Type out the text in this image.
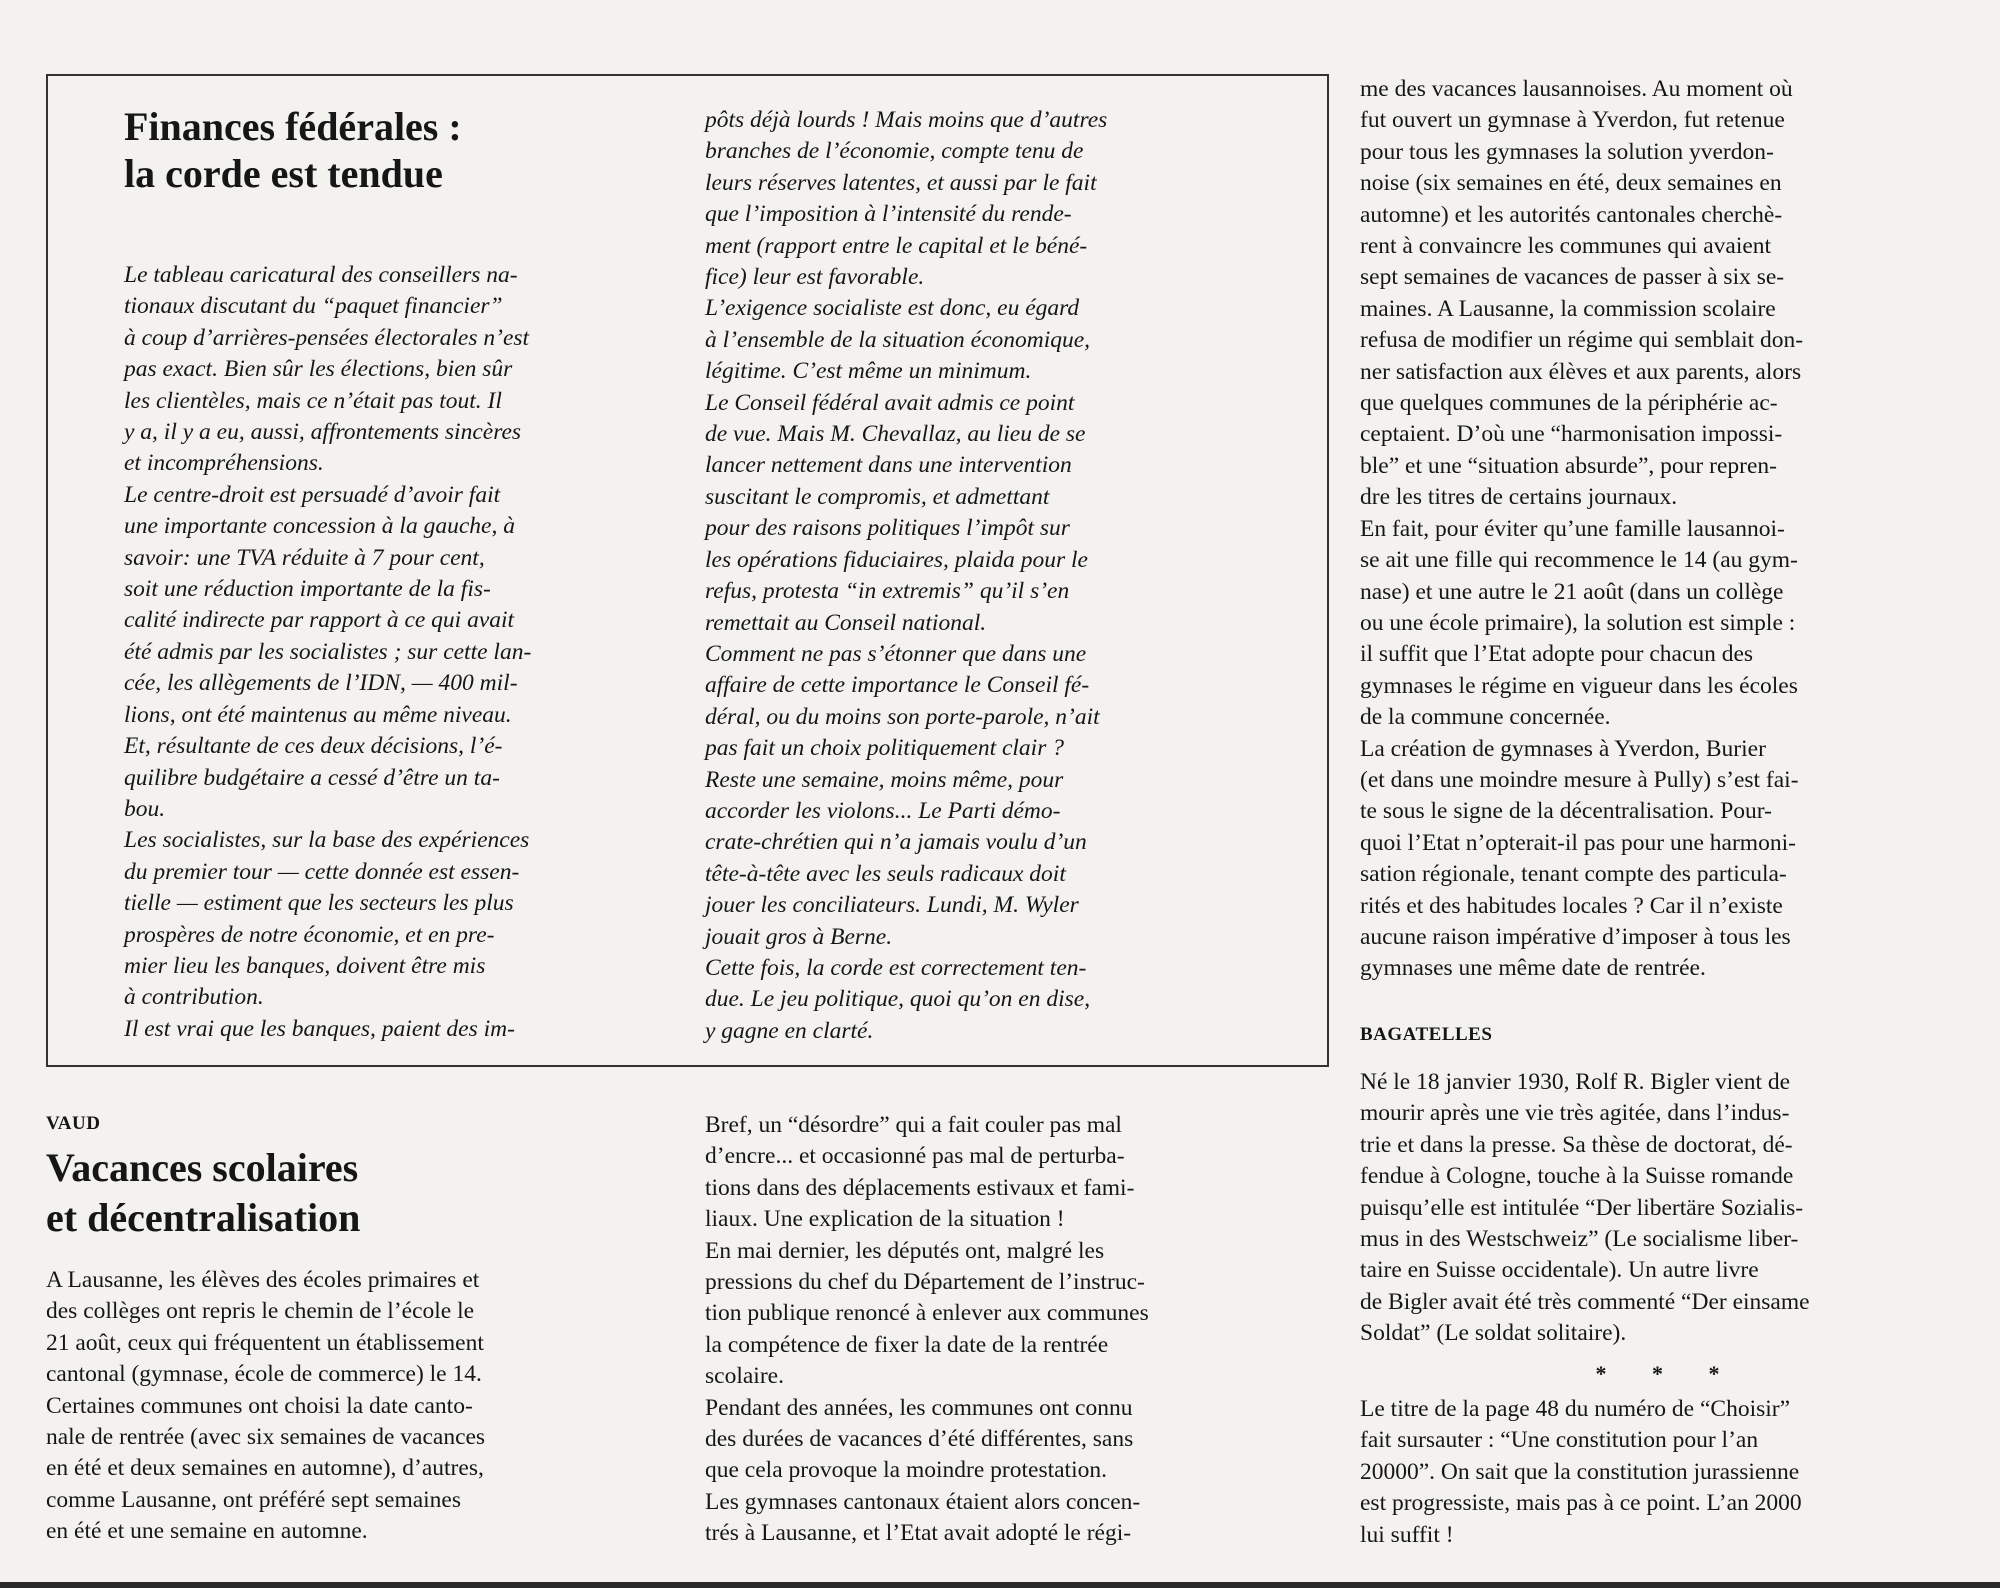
Finances fédérales :
la corde est tendue
Le tableau caricatural des conseillers na-
tionaux discutant du “paquet financier”
à coup d’arrières-pensées électorales n’est
pas exact. Bien sûr les élections, bien sûr
les clientèles, mais ce n’était pas tout. Il
y a, il y a eu, aussi, affrontements sincères
et incompréhensions.
Le centre-droit est persuadé d’avoir fait
une importante concession à la gauche, à
savoir: une TVA réduite à 7 pour cent,
soit une réduction importante de la fis-
calité indirecte par rapport à ce qui avait
été admis par les socialistes ; sur cette lan-
cée, les allègements de l’IDN, — 400 mil-
lions, ont été maintenus au même niveau.
Et, résultante de ces deux décisions, l’é-
quilibre budgétaire a cessé d’être un ta-
bou.
Les socialistes, sur la base des expériences
du premier tour — cette donnée est essen-
tielle — estiment que les secteurs les plus
prospères de notre économie, et en pre-
mier lieu les banques, doivent être mis
à contribution.
Il est vrai que les banques, paient des im-
pôts déjà lourds ! Mais moins que d’autres
branches de l’économie, compte tenu de
leurs réserves latentes, et aussi par le fait
que l’imposition à l’intensité du rende-
ment (rapport entre le capital et le béné-
fice) leur est favorable.
L’exigence socialiste est donc, eu égard
à l’ensemble de la situation économique,
légitime. C’est même un minimum.
Le Conseil fédéral avait admis ce point
de vue. Mais M. Chevallaz, au lieu de se
lancer nettement dans une intervention
suscitant le compromis, et admettant
pour des raisons politiques l’impôt sur
les opérations fiduciaires, plaida pour le
refus, protesta “in extremis” qu’il s’en
remettait au Conseil national.
Comment ne pas s’étonner que dans une
affaire de cette importance le Conseil fé-
déral, ou du moins son porte-parole, n’ait
pas fait un choix politiquement clair ?
Reste une semaine, moins même, pour
accorder les violons... Le Parti démo-
crate-chrétien qui n’a jamais voulu d’un
tête-à-tête avec les seuls radicaux doit
jouer les conciliateurs. Lundi, M. Wyler
jouait gros à Berne.
Cette fois, la corde est correctement ten-
due. Le jeu politique, quoi qu’on en dise,
y gagne en clarté.
VAUD
Vacances scolaires
et décentralisation
A Lausanne, les élèves des écoles primaires et
des collèges ont repris le chemin de l’école le
21 août, ceux qui fréquentent un établissement
cantonal (gymnase, école de commerce) le 14.
Certaines communes ont choisi la date canto-
nale de rentrée (avec six semaines de vacances
en été et deux semaines en automne), d’autres,
comme Lausanne, ont préféré sept semaines
en été et une semaine en automne.
Bref, un “désordre” qui a fait couler pas mal
d’encre... et occasionné pas mal de perturba-
tions dans des déplacements estivaux et fami-
liaux. Une explication de la situation !
En mai dernier, les députés ont, malgré les
pressions du chef du Département de l’instruc-
tion publique renoncé à enlever aux communes
la compétence de fixer la date de la rentrée
scolaire.
Pendant des années, les communes ont connu
des durées de vacances d’été différentes, sans
que cela provoque la moindre protestation.
Les gymnases cantonaux étaient alors concen-
trés à Lausanne, et l’Etat avait adopté le régi-
me des vacances lausannoises. Au moment où
fut ouvert un gymnase à Yverdon, fut retenue
pour tous les gymnases la solution yverdon-
noise (six semaines en été, deux semaines en
automne) et les autorités cantonales cherchè-
rent à convaincre les communes qui avaient
sept semaines de vacances de passer à six se-
maines. A Lausanne, la commission scolaire
refusa de modifier un régime qui semblait don-
ner satisfaction aux élèves et aux parents, alors
que quelques communes de la périphérie ac-
ceptaient. D’où une “harmonisation impossi-
ble” et une “situation absurde”, pour repren-
dre les titres de certains journaux.
En fait, pour éviter qu’une famille lausannoi-
se ait une fille qui recommence le 14 (au gym-
nase) et une autre le 21 août (dans un collège
ou une école primaire), la solution est simple :
il suffit que l’Etat adopte pour chacun des
gymnases le régime en vigueur dans les écoles
de la commune concernée.
La création de gymnases à Yverdon, Burier
(et dans une moindre mesure à Pully) s’est fai-
te sous le signe de la décentralisation. Pour-
quoi l’Etat n’opterait-il pas pour une harmoni-
sation régionale, tenant compte des particula-
rités et des habitudes locales ? Car il n’existe
aucune raison impérative d’imposer à tous les
gymnases une même date de rentrée.
BAGATELLES
Né le 18 janvier 1930, Rolf R. Bigler vient de
mourir après une vie très agitée, dans l’indus-
trie et dans la presse. Sa thèse de doctorat, dé-
fendue à Cologne, touche à la Suisse romande
puisqu’elle est intitulée “Der libertäre Sozialis-
mus in des Westschweiz” (Le socialisme liber-
taire en Suisse occidentale). Un autre livre
de Bigler avait été très commenté “Der einsame
Soldat” (Le soldat solitaire).
* * *
Le titre de la page 48 du numéro de “Choisir”
fait sursauter : “Une constitution pour l’an
20000”. On sait que la constitution jurassienne
est progressiste, mais pas à ce point. L’an 2000
lui suffit !
